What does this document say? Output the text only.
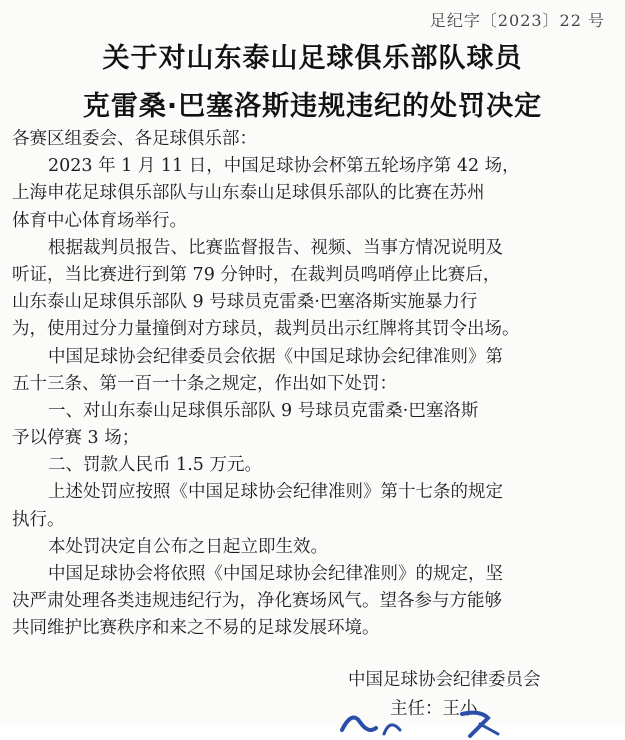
足纪字〔2023〕22 号
关于对山东泰山足球俱乐部队球员
克雷桑·巴塞洛斯违规违纪的处罚决定
各赛区组委会、各足球俱乐部：
2023 年 1 月 11 日，中国足球协会杯第五轮场序第 42 场，
上海申花足球俱乐部队与山东泰山足球俱乐部队的比赛在苏州
体育中心体育场举行。
根据裁判员报告、比赛监督报告、视频、当事方情况说明及
听证，当比赛进行到第 79 分钟时，在裁判员鸣哨停止比赛后，
山东泰山足球俱乐部队 9 号球员克雷桑·巴塞洛斯实施暴力行
为，使用过分力量撞倒对方球员，裁判员出示红牌将其罚令出场。
中国足球协会纪律委员会依据《中国足球协会纪律准则》第
五十三条、第一百一十条之规定，作出如下处罚：
一、对山东泰山足球俱乐部队 9 号球员克雷桑·巴塞洛斯
予以停赛 3 场；
二、罚款人民币 1.5 万元。
上述处罚应按照《中国足球协会纪律准则》第十七条的规定
执行。
本处罚决定自公布之日起立即生效。
中国足球协会将依照《中国足球协会纪律准则》的规定，坚
决严肃处理各类违规违纪行为，净化赛场风气。望各参与方能够
共同维护比赛秩序和来之不易的足球发展环境。
中国足球协会纪律委员会
主任：王小
